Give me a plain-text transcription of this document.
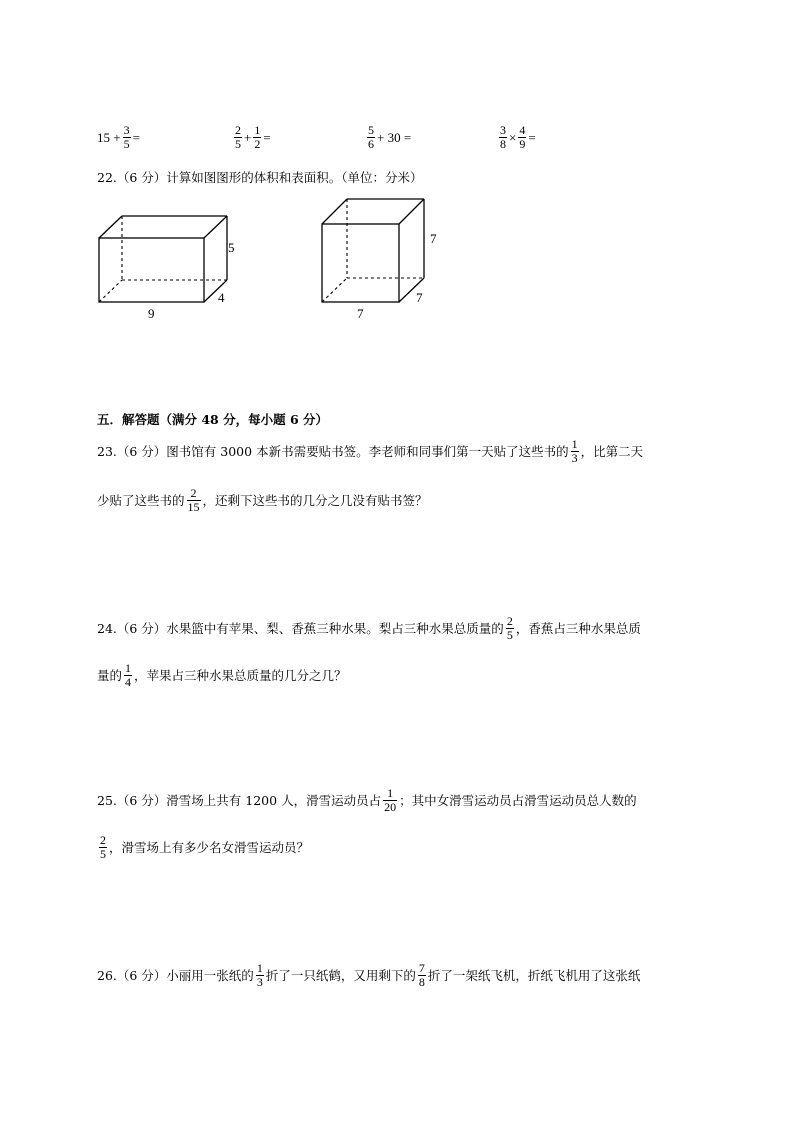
$15 + \frac{3}{5}$ =	$\frac{2}{5} + \frac{1}{2}$ =	$\frac{5}{6} + 30$ =	$\frac{3}{8} \times \frac{4}{9}$ =
22.（6 分）计算如图图形的体积和表面积。（单位：分米）
5
4
9
7
7
7
五．解答题（满分 48 分，每小题 6 分）
23.（6 分）图书馆有 3000 本新书需要贴书签。李老师和同事们第一天贴了这些书的 $\frac{1}{3}$ ，比第二天
少贴了这些书的 $\frac{2}{15}$ ，还剩下这些书的几分之几没有贴书签？
24.（6 分）水果篮中有苹果、梨、香蕉三种水果。梨占三种水果总质量的 $\frac{2}{5}$ ，香蕉占三种水果总质
量的 $\frac{1}{4}$ ，苹果占三种水果总质量的几分之几？
25.（6 分）滑雪场上共有 1200 人，滑雪运动员占 $\frac{1}{20}$ ；其中女滑雪运动员占滑雪运动员总人数的
$\frac{2}{5}$ ，滑雪场上有多少名女滑雪运动员？
26.（6 分）小丽用一张纸的 $\frac{1}{3}$ 折了一只纸鹤，又用剩下的 $\frac{7}{8}$ 折了一架纸飞机，折纸飞机用了这张纸
